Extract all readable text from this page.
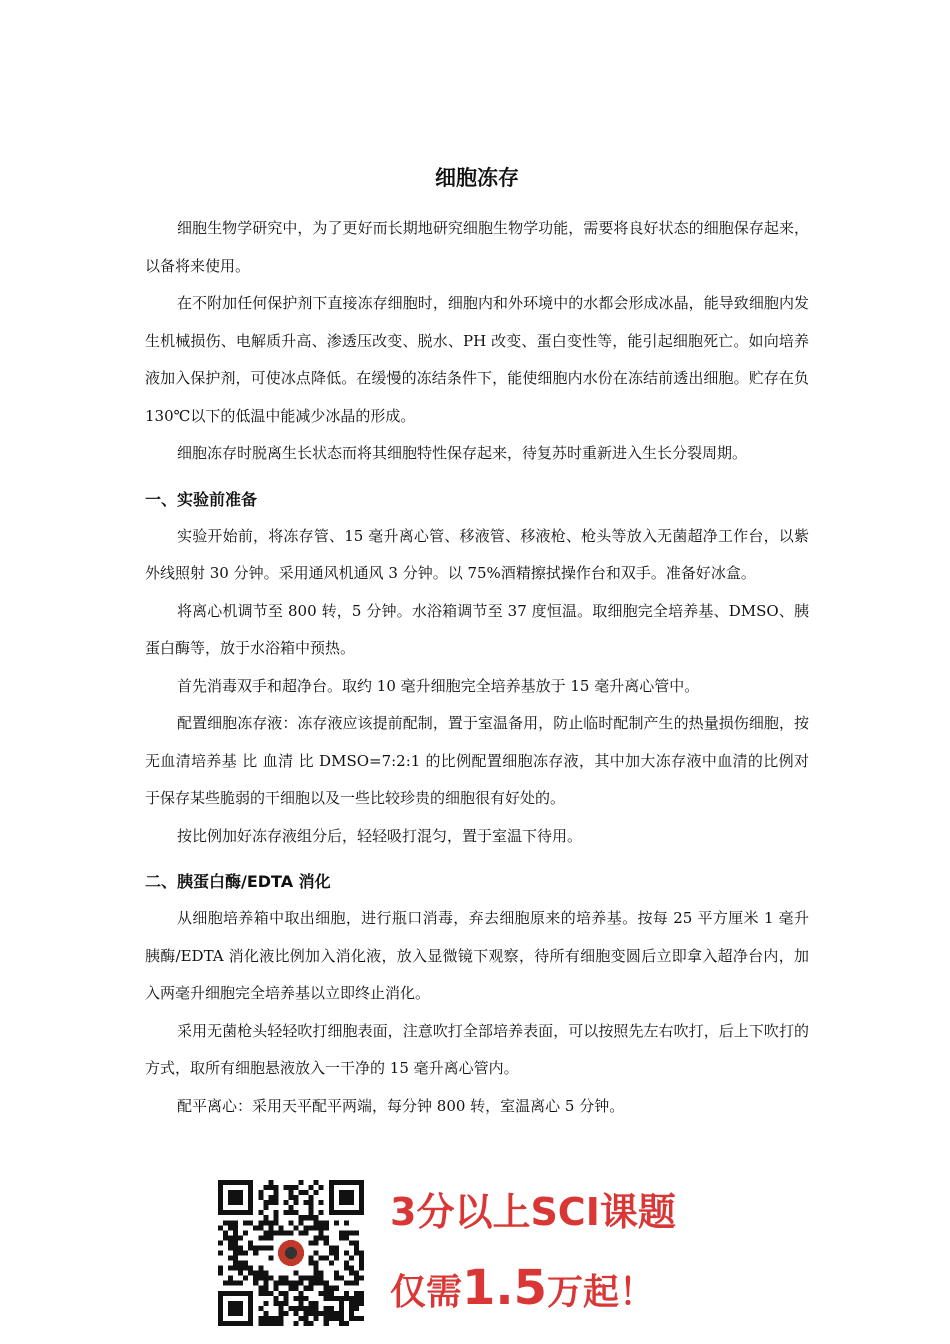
细胞冻存

细胞生物学研究中，为了更好而长期地研究细胞生物学功能，需要将良好状态的细胞保存起来，以备将来使用。

在不附加任何保护剂下直接冻存细胞时，细胞内和外环境中的水都会形成冰晶，能导致细胞内发生机械损伤、电解质升高、渗透压改变、脱水、PH 改变、蛋白变性等，能引起细胞死亡。如向培养液加入保护剂，可使冰点降低。在缓慢的冻结条件下，能使细胞内水份在冻结前透出细胞。贮存在负 130℃以下的低温中能减少冰晶的形成。

细胞冻存时脱离生长状态而将其细胞特性保存起来，待复苏时重新进入生长分裂周期。

一、实验前准备

实验开始前，将冻存管、15 毫升离心管、移液管、移液枪、枪头等放入无菌超净工作台，以紫外线照射 30 分钟。采用通风机通风 3 分钟。以 75%酒精擦拭操作台和双手。准备好冰盒。

将离心机调节至 800 转，5 分钟。水浴箱调节至 37 度恒温。取细胞完全培养基、DMSO、胰蛋白酶等，放于水浴箱中预热。

首先消毒双手和超净台。取约 10 毫升细胞完全培养基放于 15 毫升离心管中。

配置细胞冻存液：冻存液应该提前配制，置于室温备用，防止临时配制产生的热量损伤细胞，按无血清培养基 比 血清 比 DMSO=7:2:1 的比例配置细胞冻存液，其中加大冻存液中血清的比例对于保存某些脆弱的干细胞以及一些比较珍贵的细胞很有好处的。

按比例加好冻存液组分后，轻轻吸打混匀，置于室温下待用。

二、胰蛋白酶/EDTA 消化

从细胞培养箱中取出细胞，进行瓶口消毒，弃去细胞原来的培养基。按每 25 平方厘米 1 毫升胰酶/EDTA 消化液比例加入消化液，放入显微镜下观察，待所有细胞变圆后立即拿入超净台内，加入两毫升细胞完全培养基以立即终止消化。

采用无菌枪头轻轻吹打细胞表面，注意吹打全部培养表面，可以按照先左右吹打，后上下吹打的方式，取所有细胞悬液放入一干净的 15 毫升离心管内。

配平离心：采用天平配平两端，每分钟 800 转，室温离心 5 分钟。

3分以上SCI课题
仅需1.5万起！
